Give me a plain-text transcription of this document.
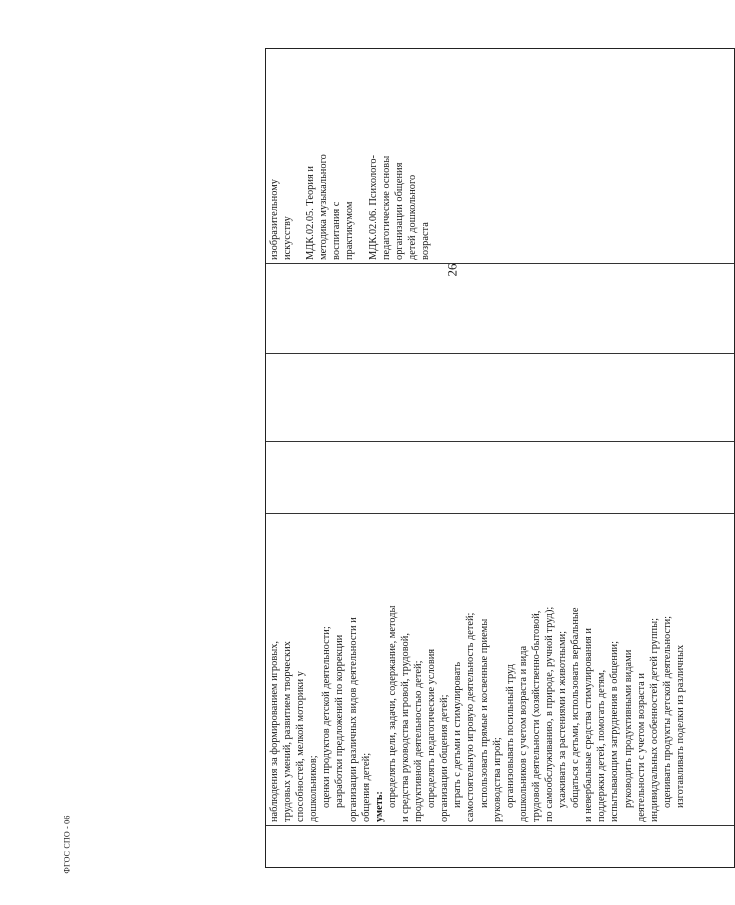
наблюдения за формированием игровых, трудовых умений, развитием творческих способностей, мелкой моторики у дошкольников; оценки продуктов детской деятельности; разработки предложений по коррекции организации различных видов деятельности и общения детей; уметь: определять цели, задачи, содержание, методы и средства руководства игровой, трудовой, продуктивной деятельностью детей; определять педагогические условия организации общения детей; играть с детьми и стимулировать самостоятельную игровую деятельность детей; использовать прямые и косвенные приемы руководства игрой; организовывать посильный труд дошкольников с учетом возраста и вида трудовой деятельности (хозяйственно-бытовой, по самообслуживанию, в природе, ручной труд); ухаживать за растениями и животными; общаться с детьми, использовать вербальные и невербальные средства стимулирования и поддержки детей, помогать детям, испытывающим затруднения в общении; руководить продуктивными видами деятельности с учетом возраста и индивидуальных особенностей детей группы; оценивать продукты детской деятельности; изготавливать поделки из различных
изобразительному искусству МДК.02.05. Теория и методика музыкального воспитания с практикумом МДК.02.06. Психолого- педагогические основы организации общения детей дошкольного возраста
26
ФГОС СПО - 06
